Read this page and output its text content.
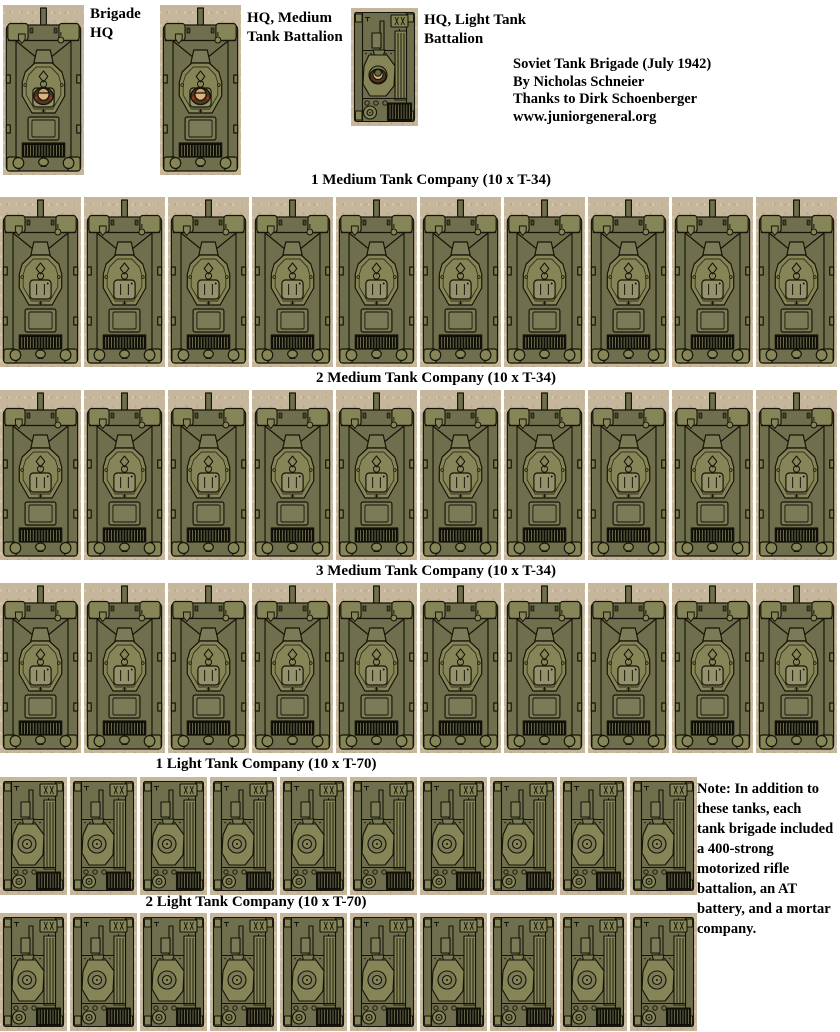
Brigade HQ
HQ, Medium Tank Battalion
HQ, Light Tank Battalion
Soviet Tank Brigade (July 1942)
By Nicholas Schneier
Thanks to Dirk Schoenberger
www.juniorgeneral.org
1 Medium Tank Company (10 x T-34)
2 Medium Tank Company (10 x T-34)
3 Medium Tank Company (10 x T-34)
1 Light Tank Company (10 x T-70)
2 Light Tank Company (10 x T-70)
Note: In addition to
these tanks, each
tank brigade included
a 400-strong
motorized rifle
battalion, an AT
battery, and a mortar
company.
